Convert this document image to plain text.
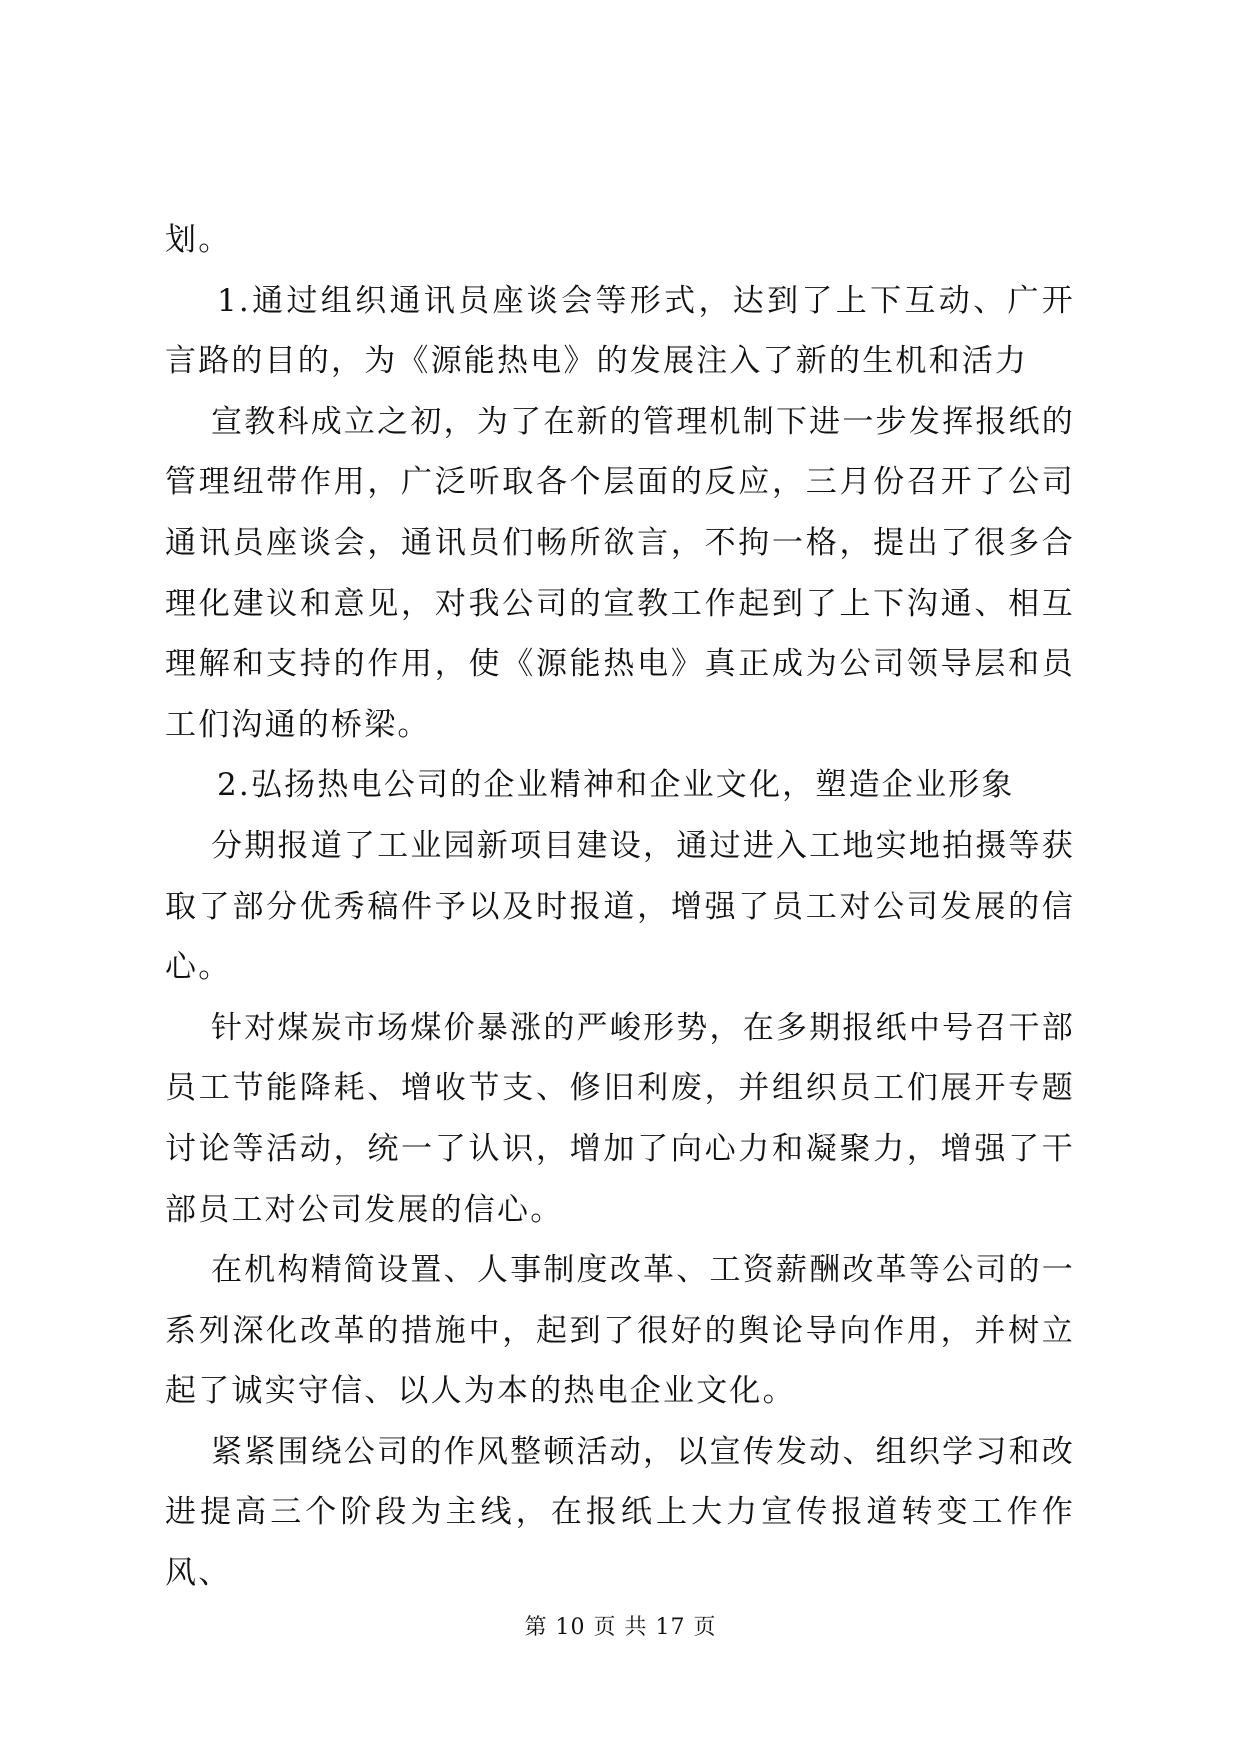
划。

1.通过组织通讯员座谈会等形式，达到了上下互动、广开言路的目的，为《源能热电》的发展注入了新的生机和活力

宣教科成立之初，为了在新的管理机制下进一步发挥报纸的管理纽带作用，广泛听取各个层面的反应，三月份召开了公司通讯员座谈会，通讯员们畅所欲言，不拘一格，提出了很多合理化建议和意见，对我公司的宣教工作起到了上下沟通、相互理解和支持的作用，使《源能热电》真正成为公司领导层和员工们沟通的桥梁。

2.弘扬热电公司的企业精神和企业文化，塑造企业形象

分期报道了工业园新项目建设，通过进入工地实地拍摄等获取了部分优秀稿件予以及时报道，增强了员工对公司发展的信心。

针对煤炭市场煤价暴涨的严峻形势，在多期报纸中号召干部员工节能降耗、增收节支、修旧利废，并组织员工们展开专题讨论等活动，统一了认识，增加了向心力和凝聚力，增强了干部员工对公司发展的信心。

在机构精简设置、人事制度改革、工资薪酬改革等公司的一系列深化改革的措施中，起到了很好的舆论导向作用，并树立起了诚实守信、以人为本的热电企业文化。

紧紧围绕公司的作风整顿活动，以宣传发动、组织学习和改进提高三个阶段为主线，在报纸上大力宣传报道转变工作作风、

第 10 页 共 17 页
